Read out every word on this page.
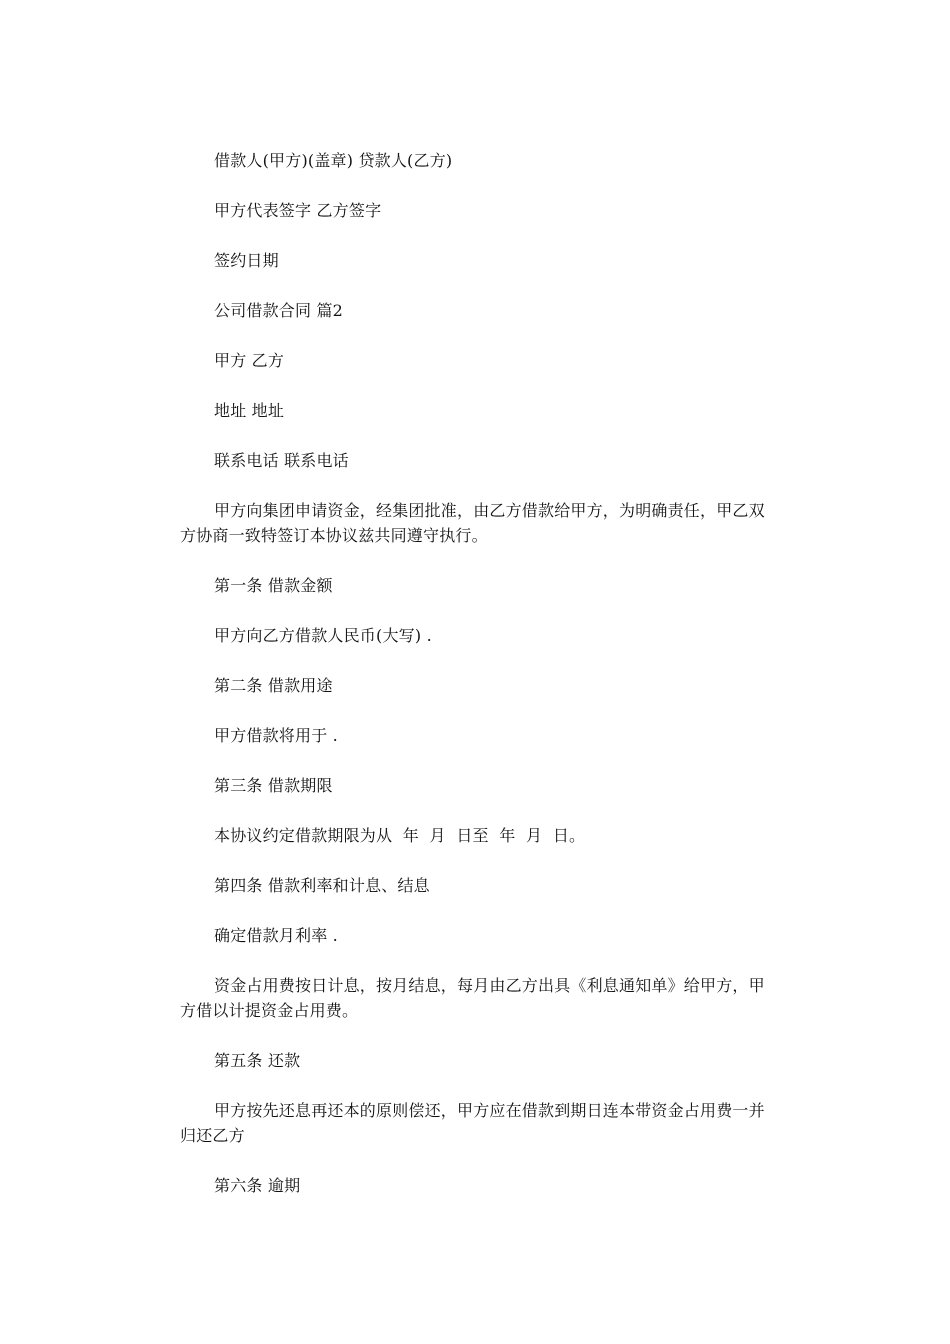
借款人(甲方)(盖章) 贷款人(乙方)

甲方代表签字 乙方签字

签约日期

公司借款合同 篇2

甲方 乙方

地址 地址

联系电话 联系电话

甲方向集团申请资金，经集团批准，由乙方借款给甲方，为明确责任，甲乙双方协商一致特签订本协议兹共同遵守执行。

第一条 借款金额

甲方向乙方借款人民币(大写) .

第二条 借款用途

甲方借款将用于 .

第三条 借款期限

本协议约定借款期限为从  年  月  日至  年  月  日。

第四条 借款利率和计息、结息

确定借款月利率 .

资金占用费按日计息，按月结息，每月由乙方出具《利息通知单》给甲方，甲方借以计提资金占用费。

第五条 还款

甲方按先还息再还本的原则偿还，甲方应在借款到期日连本带资金占用费一并归还乙方

第六条 逾期
